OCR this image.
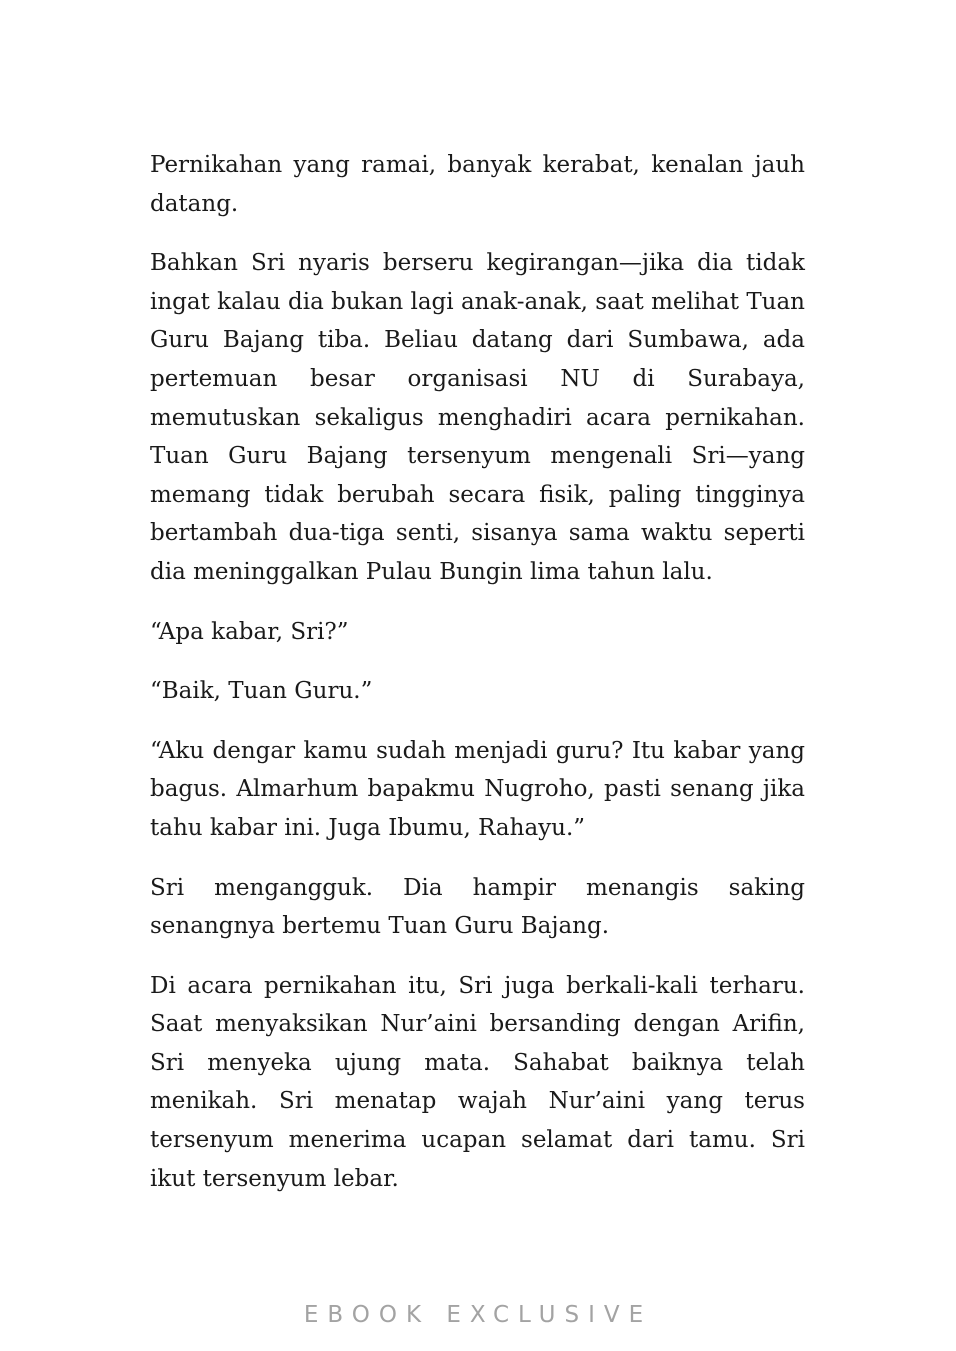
Pernikahan yang ramai, banyak kerabat, kenalan jauh datang.

Bahkan Sri nyaris berseru kegirangan—jika dia tidak ingat kalau dia bukan lagi anak-anak, saat melihat Tuan Guru Bajang tiba. Beliau datang dari Sumbawa, ada pertemuan besar organisasi NU di Surabaya, memutuskan sekaligus menghadiri acara pernikahan. Tuan Guru Bajang tersenyum mengenali Sri—yang memang tidak berubah secara fisik, paling tingginya bertambah dua-tiga senti, sisanya sama waktu seperti dia meninggalkan Pulau Bungin lima tahun lalu.

“Apa kabar, Sri?”

“Baik, Tuan Guru.”

“Aku dengar kamu sudah menjadi guru? Itu kabar yang bagus. Almarhum bapakmu Nugroho, pasti senang jika tahu kabar ini. Juga Ibumu, Rahayu.”

Sri mengangguk. Dia hampir menangis saking senangnya bertemu Tuan Guru Bajang.

Di acara pernikahan itu, Sri juga berkali-kali terharu. Saat menyaksikan Nur’aini bersanding dengan Arifin, Sri menyeka ujung mata. Sahabat baiknya telah menikah. Sri menatap wajah Nur’aini yang terus tersenyum menerima ucapan selamat dari tamu. Sri ikut tersenyum lebar.

EBOOK EXCLUSIVE
